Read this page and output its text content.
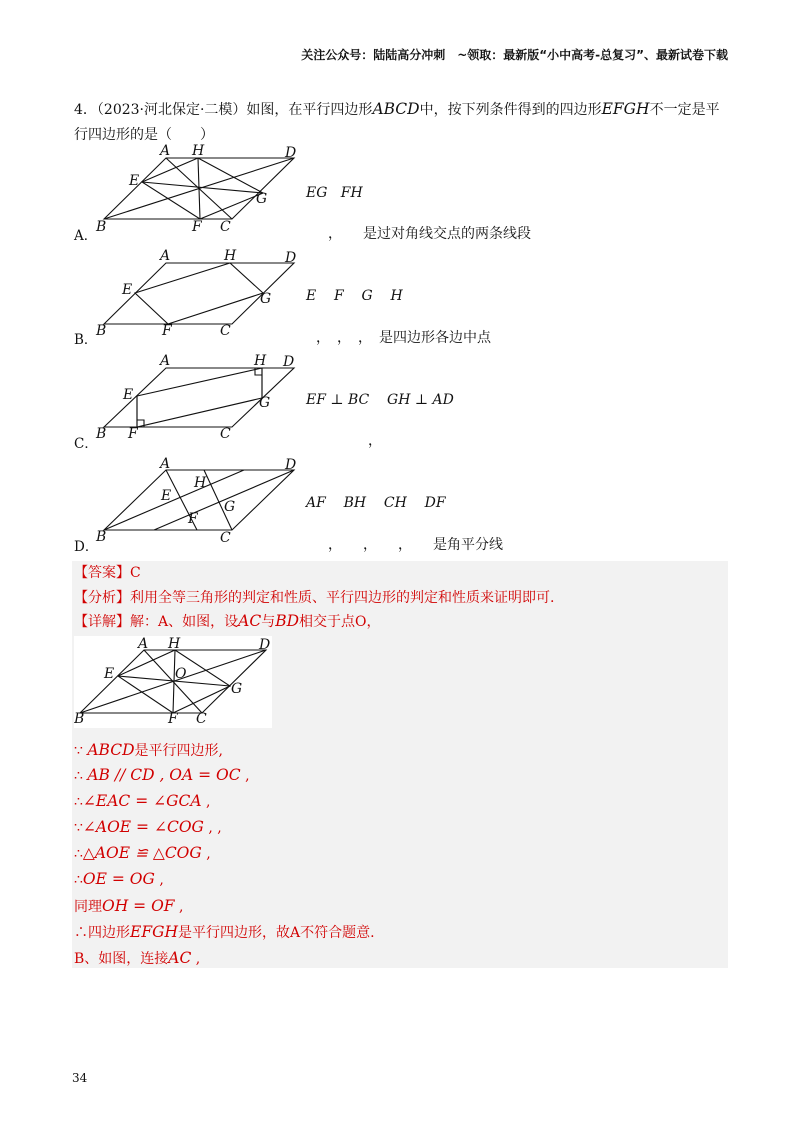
关注公众号：陆陆高分冲刺　~领取：最新版“小中高考-总复习”、最新试卷下载
4．（2023·河北保定·二模）如图，在平行四边形ABCD中，按下列条件得到的四边形EFGH不一定是平
行四边形的是（　　）
A H	D
E
G
B	F C
EG   FH
A．	，　　是过对角线交点的两条线段
A	H	D
E
G
B	F	C
E    F    G    H
B．	，　，　，　是四边形各边中点
A	H D
E	G
B F	C
EF ⊥ BC    GH ⊥ AD
C．	，
A
H
D
E
G
B
F
C
AF    BH    CH    DF
D．	，　　，　　，　　是角平分线
【答案】C
【分析】利用全等三角形的判定和性质、平行四边形的判定和性质来证明即可.
【详解】解：A、如图，设AC与BD相交于点O，
A H	D
E	O
G
B	F C
∵ ABCD是平行四边形,
∴ AB // CD , OA = OC ,
∴∠EAC = ∠GCA ,
∵∠AOE = ∠COG , ,
∴△AOE ≌ △COG ,
∴OE = OG ,
同理OH = OF ,
∴四边形EFGH是平行四边形，故A不符合题意.
B、如图，连接AC ,
34
